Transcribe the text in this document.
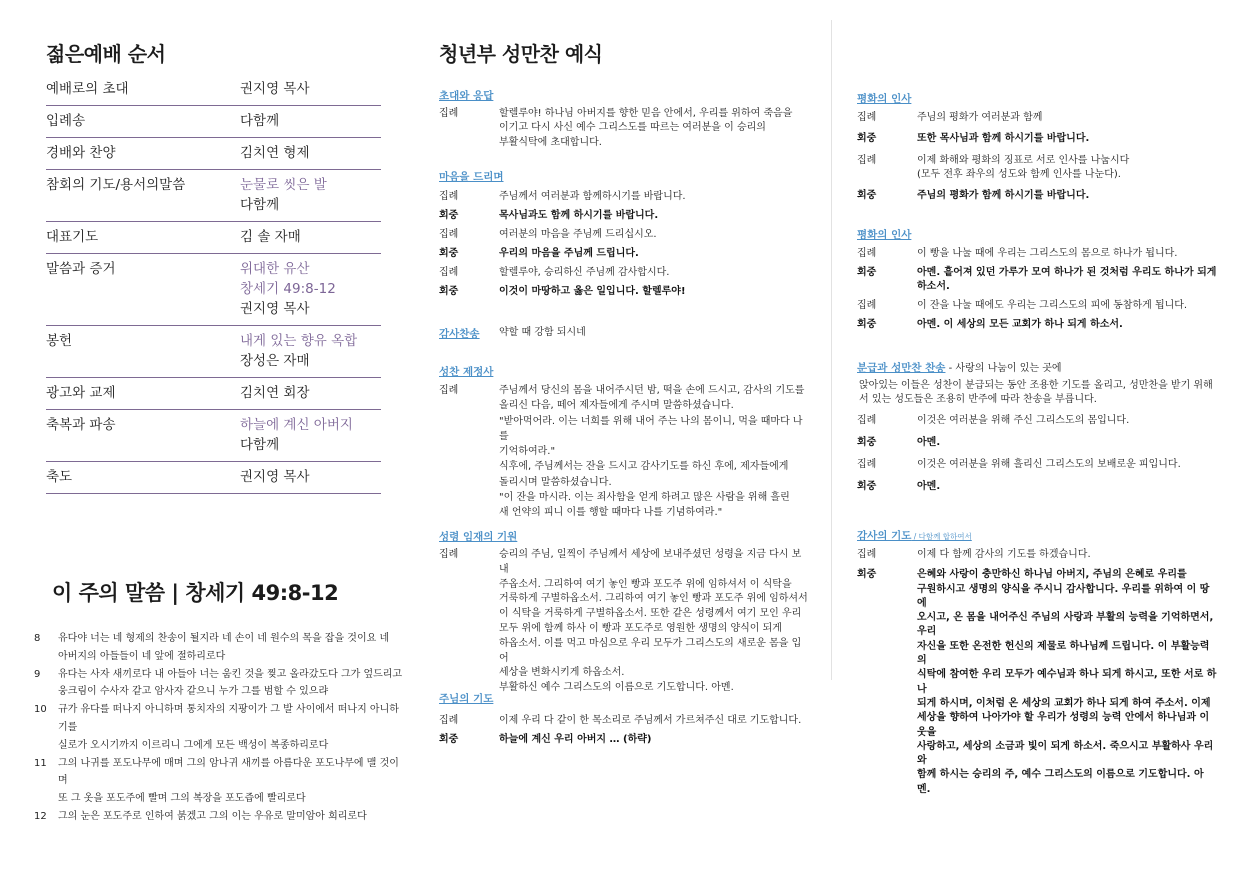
젊은예배 순서
예배로의 초대	권지영 목사
입례송	다함께
경배와 찬양	김치연 형제
참회의 기도/용서의말씀	눈물로 씻은 발
다함께
대표기도	김 솔 자매
말씀과 증거	위대한 유산
창세기 49:8-12
권지영 목사
봉헌	내게 있는 향유 옥합
장성은 자매
광고와 교제	김치연 회장
축복과 파송	하늘에 계신 아버지
다함께
축도	권지영 목사
이 주의 말씀 | 창세기 49:8-12
8	유다야 너는 네 형제의 찬송이 될지라 네 손이 네 원수의 목을 잡을 것이요 네
아버지의 아들들이 네 앞에 절하리로다
9	유다는 사자 새끼로다 내 아들아 너는 움킨 것을 찢고 올라갔도다 그가 엎드리고
웅크림이 수사자 같고 암사자 같으니 누가 그를 범할 수 있으랴
10	규가 유다를 떠나지 아니하며 통치자의 지팡이가 그 발 사이에서 떠나지 아니하기를
실로가 오시기까지 이르리니 그에게 모든 백성이 복종하리로다
11	그의 나귀를 포도나무에 매며 그의 암나귀 새끼를 아름다운 포도나무에 맬 것이며
또 그 옷을 포도주에 빨며 그의 복장을 포도즙에 빨리로다
12	그의 눈은 포도주로 인하여 붉겠고 그의 이는 우유로 말미암아 희리로다
청년부 성만찬 예식
초대와 응답
집례	할렐루야! 하나님 아버지를 향한 믿음 안에서, 우리를 위하여 죽음을
이기고 다시 사신 예수 그리스도를 따르는 여러분을 이 승리의
부활식탁에 초대합니다.
마음을 드리며
집례	주님께서 여러분과 함께하시기를 바랍니다.
회중	목사님과도 함께 하시기를 바랍니다.
집례	여러분의 마음을 주님께 드리십시오.
회중	우리의 마음을 주님께 드립니다.
집례	할렐루야, 승리하신 주님께 감사합시다.
회중	이것이 마땅하고 옳은 일입니다. 할렐루야!
감사찬송	약할 때 강함 되시네
성찬 제정사
집례	주님께서 당신의 몸을 내어주시던 밤, 떡을 손에 드시고, 감사의 기도를
올리신 다음, 떼어 제자들에게 주시며 말씀하셨습니다.
"받아먹어라. 이는 너희를 위해 내어 주는 나의 몸이니, 먹을 때마다 나를
기억하여라."
식후에, 주님께서는 잔을 드시고 감사기도를 하신 후에, 제자들에게
돌리시며 말씀하셨습니다.
"이 잔을 마시라. 이는 죄사함을 얻게 하려고 많은 사람을 위해 흘린
새 언약의 피니 이를 행할 때마다 나를 기념하여라."
성령 임재의 기원
집례	승리의 주님, 일찍이 주님께서 세상에 보내주셨던 성령을 지금 다시 보내
주옵소서. 그리하여 여기 놓인 빵과 포도주 위에 임하셔서 이 식탁을
거룩하게 구별하옵소서. 그리하여 여기 놓인 빵과 포도주 위에 임하셔서
이 식탁을 거룩하게 구별하옵소서. 또한 같은 성령께서 여기 모인 우리
모두 위에 함께 하사 이 빵과 포도주로 영원한 생명의 양식이 되게
하옵소서. 이를 먹고 마심으로 우리 모두가 그리스도의 새로운 몸을 입어
세상을 변화시키게 하옵소서.
부활하신 예수 그리스도의 이름으로 기도합니다. 아멘.
주님의 기도
집례	이제 우리 다 같이 한 목소리로 주님께서 가르쳐주신 대로 기도합니다.
회중	하늘에 계신 우리 아버지 … (하략)
평화의 인사
집례	주님의 평화가 여러분과 함께
회중	또한 목사님과 함께 하시기를 바랍니다.
집례	이제 화해와 평화의 징표로 서로 인사를 나눕시다
(모두 전후 좌우의 성도와 함께 인사를 나눈다).
회중	주님의 평화가 함께 하시기를 바랍니다.
평화의 인사
집례	이 빵을 나눌 때에 우리는 그리스도의 몸으로 하나가 됩니다.
회중	아멘. 흩어져 있던 가루가 모여 하나가 된 것처럼 우리도 하나가 되게
하소서.
집례	이 잔을 나눌 때에도 우리는 그리스도의 피에 동참하게 됩니다.
회중	아멘. 이 세상의 모든 교회가 하나 되게 하소서.
분급과 성만찬 찬송 - 사랑의 나눔이 있는 곳에
앉아있는 이들은 성찬이 분급되는 동안 조용한 기도를 올리고, 성만찬을 받기 위해
서 있는 성도들은 조용히 반주에 따라 찬송을 부릅니다.
집례	이것은 여러분을 위해 주신 그리스도의 몸입니다.
회중	아멘.
집례	이것은 여러분을 위해 흘리신 그리스도의 보배로운 피입니다.
회중	아멘.
감사의 기도 / 다함께 합하여서
집례	이제 다 함께 감사의 기도를 하겠습니다.
회중	은혜와 사랑이 충만하신 하나님 아버지, 주님의 은혜로 우리를
구원하시고 생명의 양식을 주시니 감사합니다. 우리를 위하여 이 땅에
오시고, 온 몸을 내어주신 주님의 사랑과 부활의 능력을 기억하면서, 우리
자신을 또한 온전한 헌신의 제물로 하나님께 드립니다. 이 부활능력의
식탁에 참여한 우리 모두가 예수님과 하나 되게 하시고, 또한 서로 하나
되게 하시며, 이처럼 온 세상의 교회가 하나 되게 하여 주소서. 이제
세상을 향하여 나아가야 할 우리가 성령의 능력 안에서 하나님과 이웃을
사랑하고, 세상의 소금과 빛이 되게 하소서. 죽으시고 부활하사 우리와
함께 하시는 승리의 주, 예수 그리스도의 이름으로 기도합니다. 아멘.
